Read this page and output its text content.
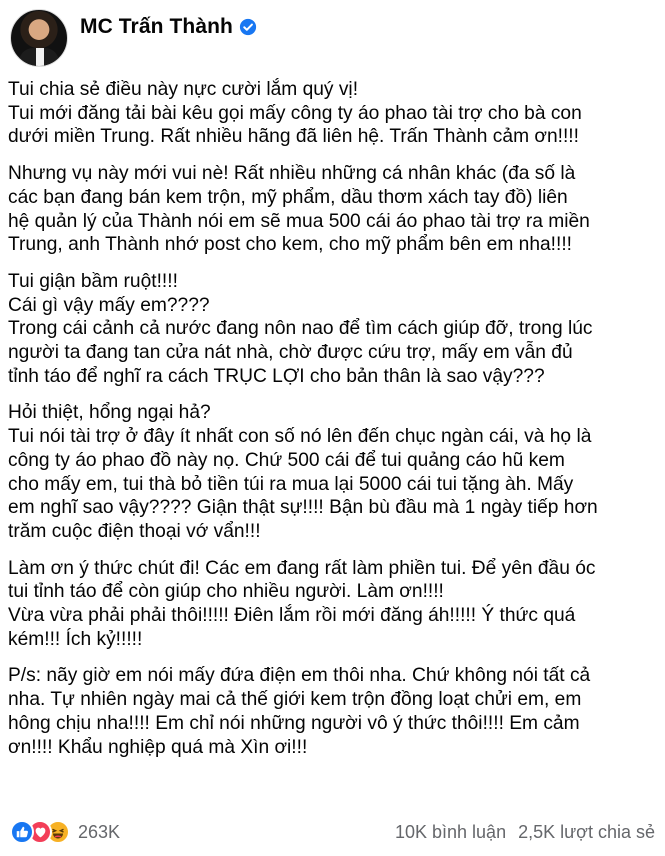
MC Trấn Thành
Tui chia sẻ điều này nực cười lắm quý vị!
Tui mới đăng tải bài kêu gọi mấy công ty áo phao tài trợ cho bà con
dưới miền Trung. Rất nhiều hãng đã liên hệ. Trấn Thành cảm ơn!!!!
Nhưng vụ này mới vui nè! Rất nhiều những cá nhân khác (đa số là
các bạn đang bán kem trộn, mỹ phẩm, dầu thơm xách tay đồ) liên
hệ quản lý của Thành nói em sẽ mua 500 cái áo phao tài trợ ra miền
Trung, anh Thành nhớ post cho kem, cho mỹ phẩm bên em nha!!!!
Tui giận bầm ruột!!!!
Cái gì vậy mấy em????
Trong cái cảnh cả nước đang nôn nao để tìm cách giúp đỡ, trong lúc
người ta đang tan cửa nát nhà, chờ được cứu trợ, mấy em vẫn đủ
tỉnh táo để nghĩ ra cách TRỤC LỢI cho bản thân là sao vậy???
Hỏi thiệt, hổng ngại hả?
Tui nói tài trợ ở đây ít nhất con số nó lên đến chục ngàn cái, và họ là
công ty áo phao đồ này nọ. Chứ 500 cái để tui quảng cáo hũ kem
cho mấy em, tui thà bỏ tiền túi ra mua lại 5000 cái tui tặng àh. Mấy
em nghĩ sao vậy???? Giận thật sự!!!! Bận bù đầu mà 1 ngày tiếp hơn
trăm cuộc điện thoại vớ vẩn!!!
Làm ơn ý thức chút đi! Các em đang rất làm phiền tui. Để yên đầu óc
tui tỉnh táo để còn giúp cho nhiều người. Làm ơn!!!!
Vừa vừa phải phải thôi!!!!! Điên lắm rồi mới đăng áh!!!!! Ý thức quá
kém!!! Ích kỷ!!!!!
P/s: nãy giờ em nói mấy đứa điện em thôi nha. Chứ không nói tất cả
nha. Tự nhiên ngày mai cả thế giới kem trộn đồng loạt chửi em, em
hông chịu nha!!!! Em chỉ nói những người vô ý thức thôi!!!! Em cảm
ơn!!!! Khẩu nghiệp quá mà Xìn ơi!!!
263K	10K bình luận 2,5K lượt chia sẻ
